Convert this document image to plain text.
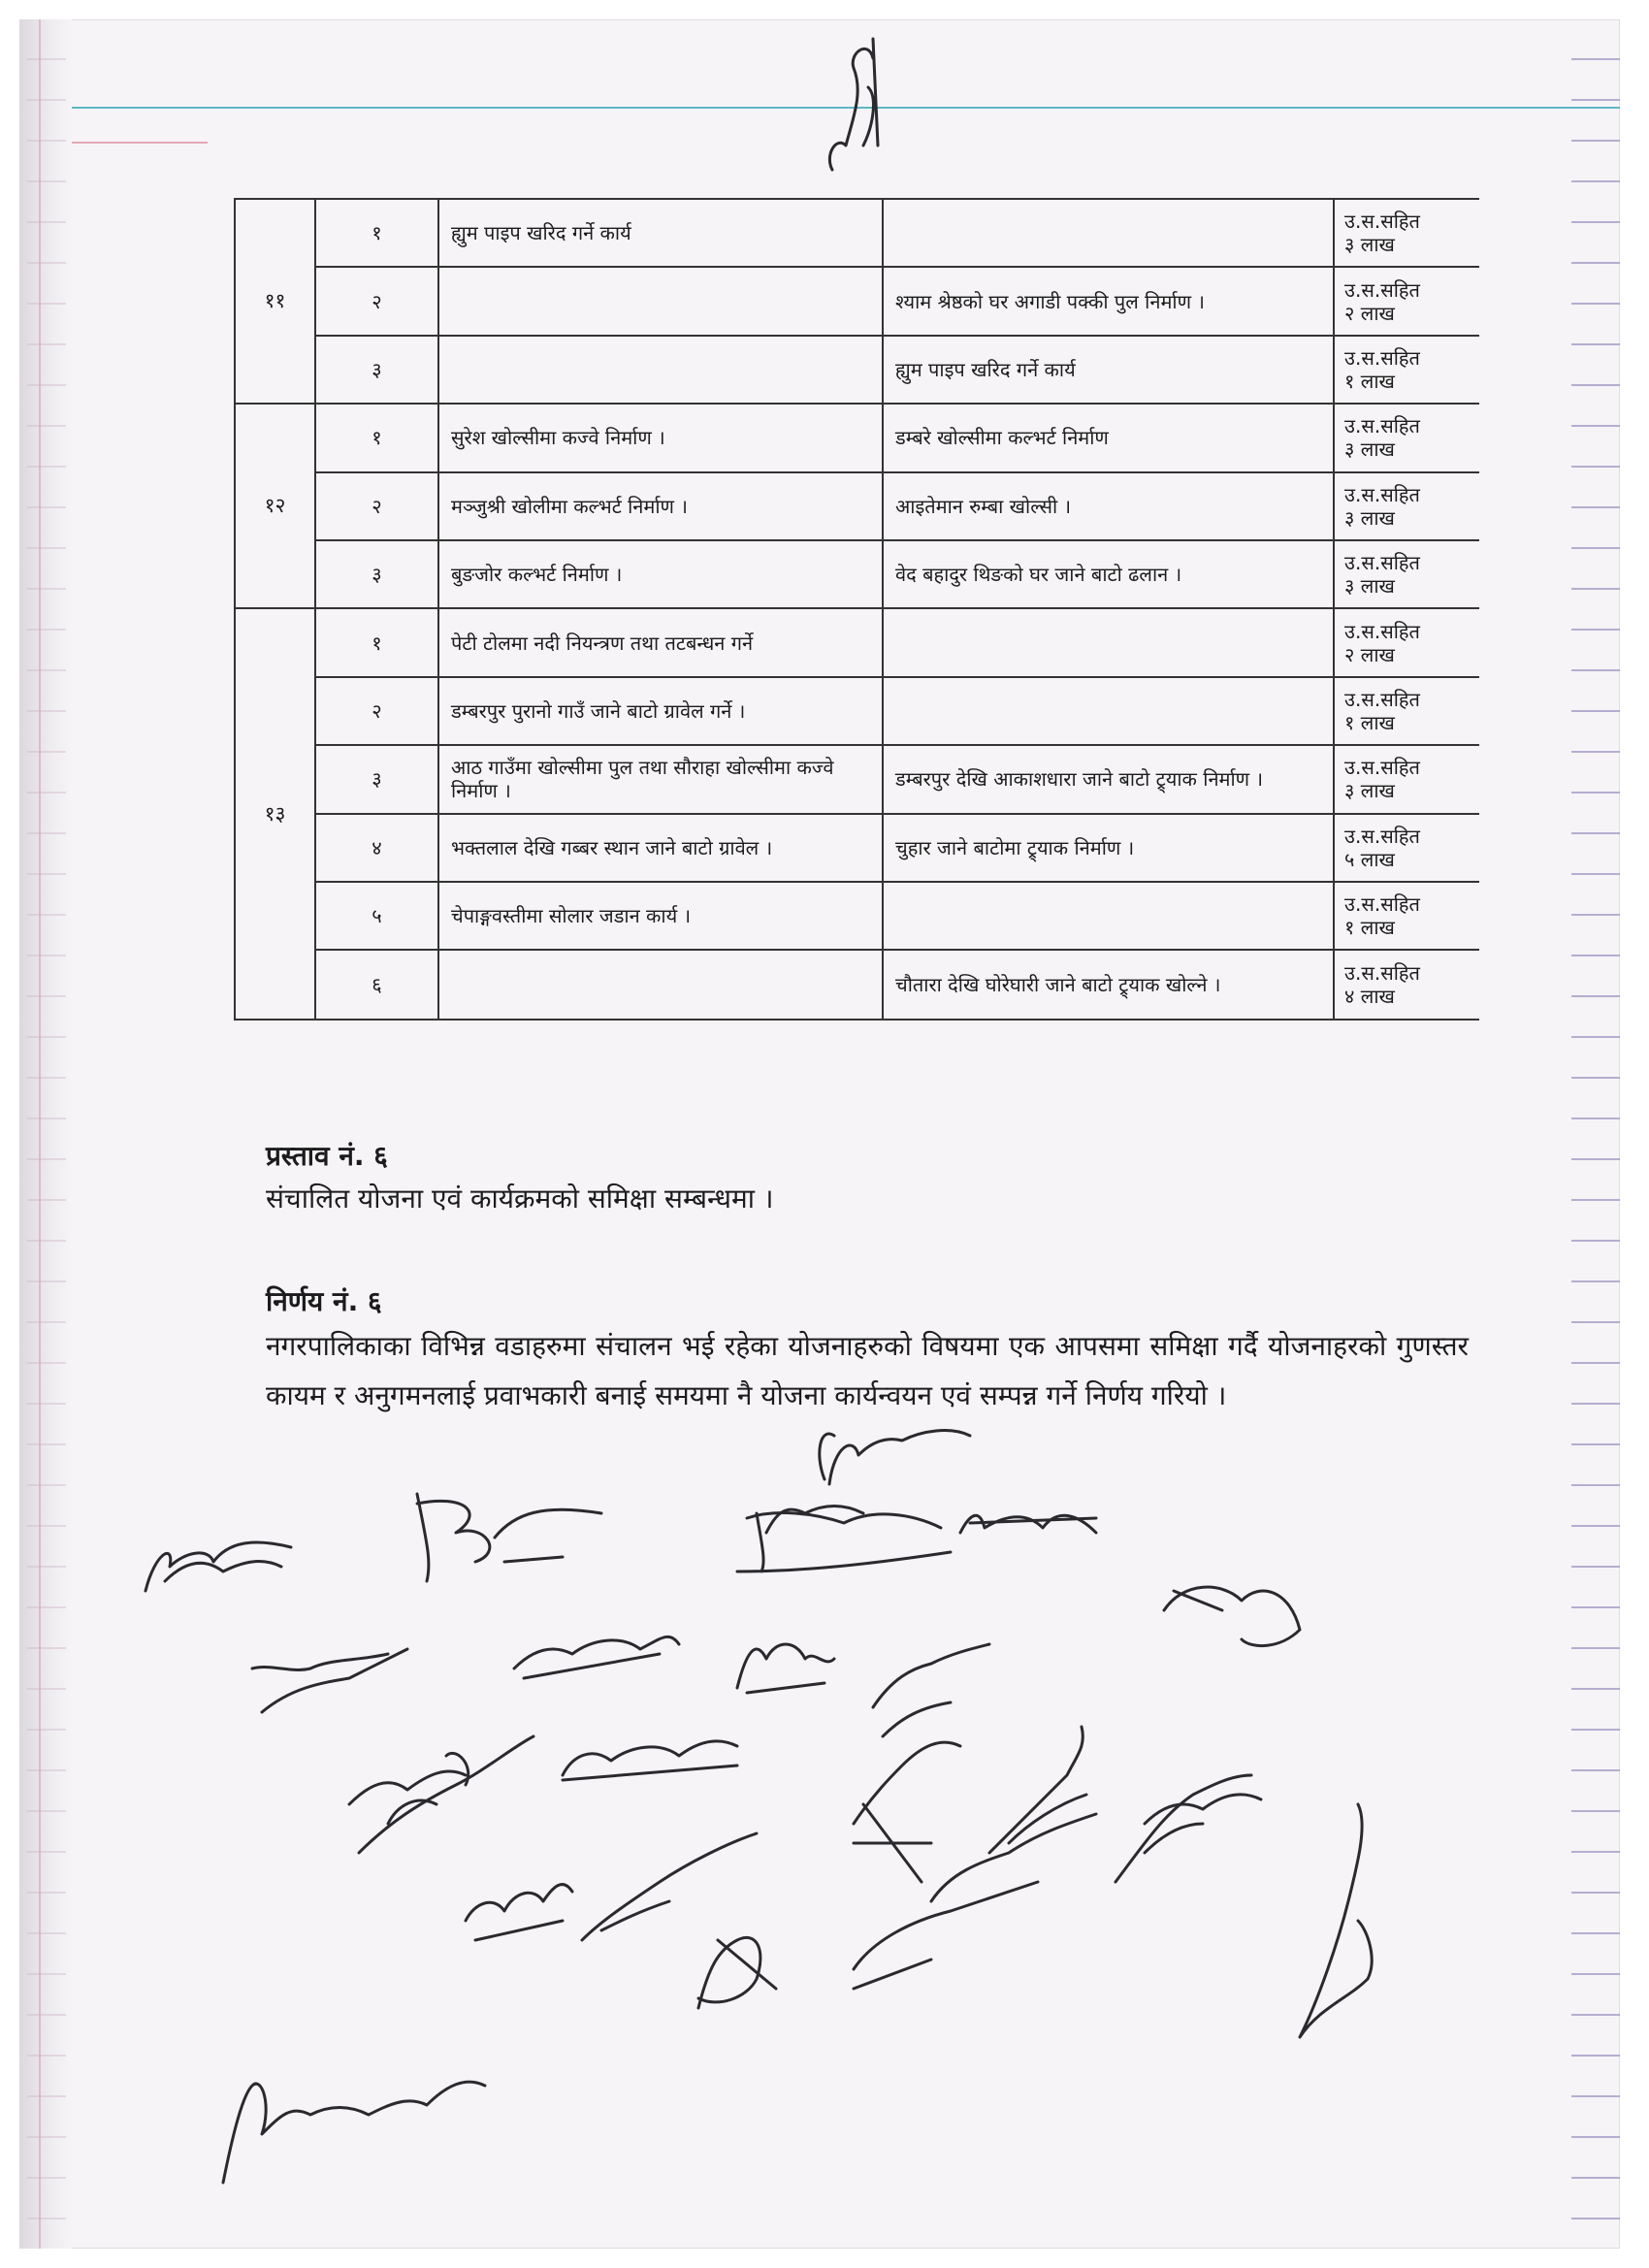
११	१	ह्युम पाइप खरिद गर्ने कार्य		उ.स.सहित
३ लाख

	२		श्याम श्रेष्ठको घर अगाडी पक्की पुल निर्माण ।	उ.स.सहित
२ लाख

	३		ह्युम पाइप खरिद गर्ने कार्य	उ.स.सहित
१ लाख

१२	१	सुरेश खोल्सीमा कज्वे निर्माण ।	डम्बरे खोल्सीमा कल्भर्ट निर्माण	उ.स.सहित
३ लाख

	२	मञ्जुश्री खोलीमा कल्भर्ट निर्माण ।	आइतेमान रुम्बा खोल्सी ।	उ.स.सहित
३ लाख

	३	बुङजोर कल्भर्ट निर्माण ।	वेद बहादुर थिङको घर जाने बाटो ढलान ।	उ.स.सहित
३ लाख

१३	१	पेटी टोलमा नदी नियन्त्रण तथा तटबन्धन गर्ने		उ.स.सहित
२ लाख

	२	डम्बरपुर पुरानो गाउँ जाने बाटो ग्रावेल गर्ने ।		उ.स.सहित
१ लाख

	३	आठ गाउँमा खोल्सीमा पुल तथा सौराहा खोल्सीमा कज्वे निर्माण ।	डम्बरपुर देखि आकाशधारा जाने बाटो ट्र्याक निर्माण ।	उ.स.सहित
३ लाख

	४	भक्तलाल देखि गब्बर स्थान जाने बाटो ग्रावेल ।	चुहार जाने बाटोमा ट्र्याक निर्माण ।	उ.स.सहित
५ लाख

	५	चेपाङ्गवस्तीमा सोलार जडान कार्य ।		उ.स.सहित
१ लाख

	६		चौतारा देखि घोरेघारी जाने बाटो ट्र्याक खोल्ने ।	उ.स.सहित
४ लाख
प्रस्ताव नं. ६
संचालित योजना एवं कार्यक्रमको समिक्षा सम्बन्धमा ।
निर्णय नं. ६
नगरपालिकाका विभिन्न वडाहरुमा संचालन भई रहेका योजनाहरुको विषयमा एक आपसमा समिक्षा गर्दै योजनाहरको गुणस्तर कायम र अनुगमनलाई प्रवाभकारी बनाई समयमा नै योजना कार्यन्वयन एवं सम्पन्न गर्ने निर्णय गरियो ।
